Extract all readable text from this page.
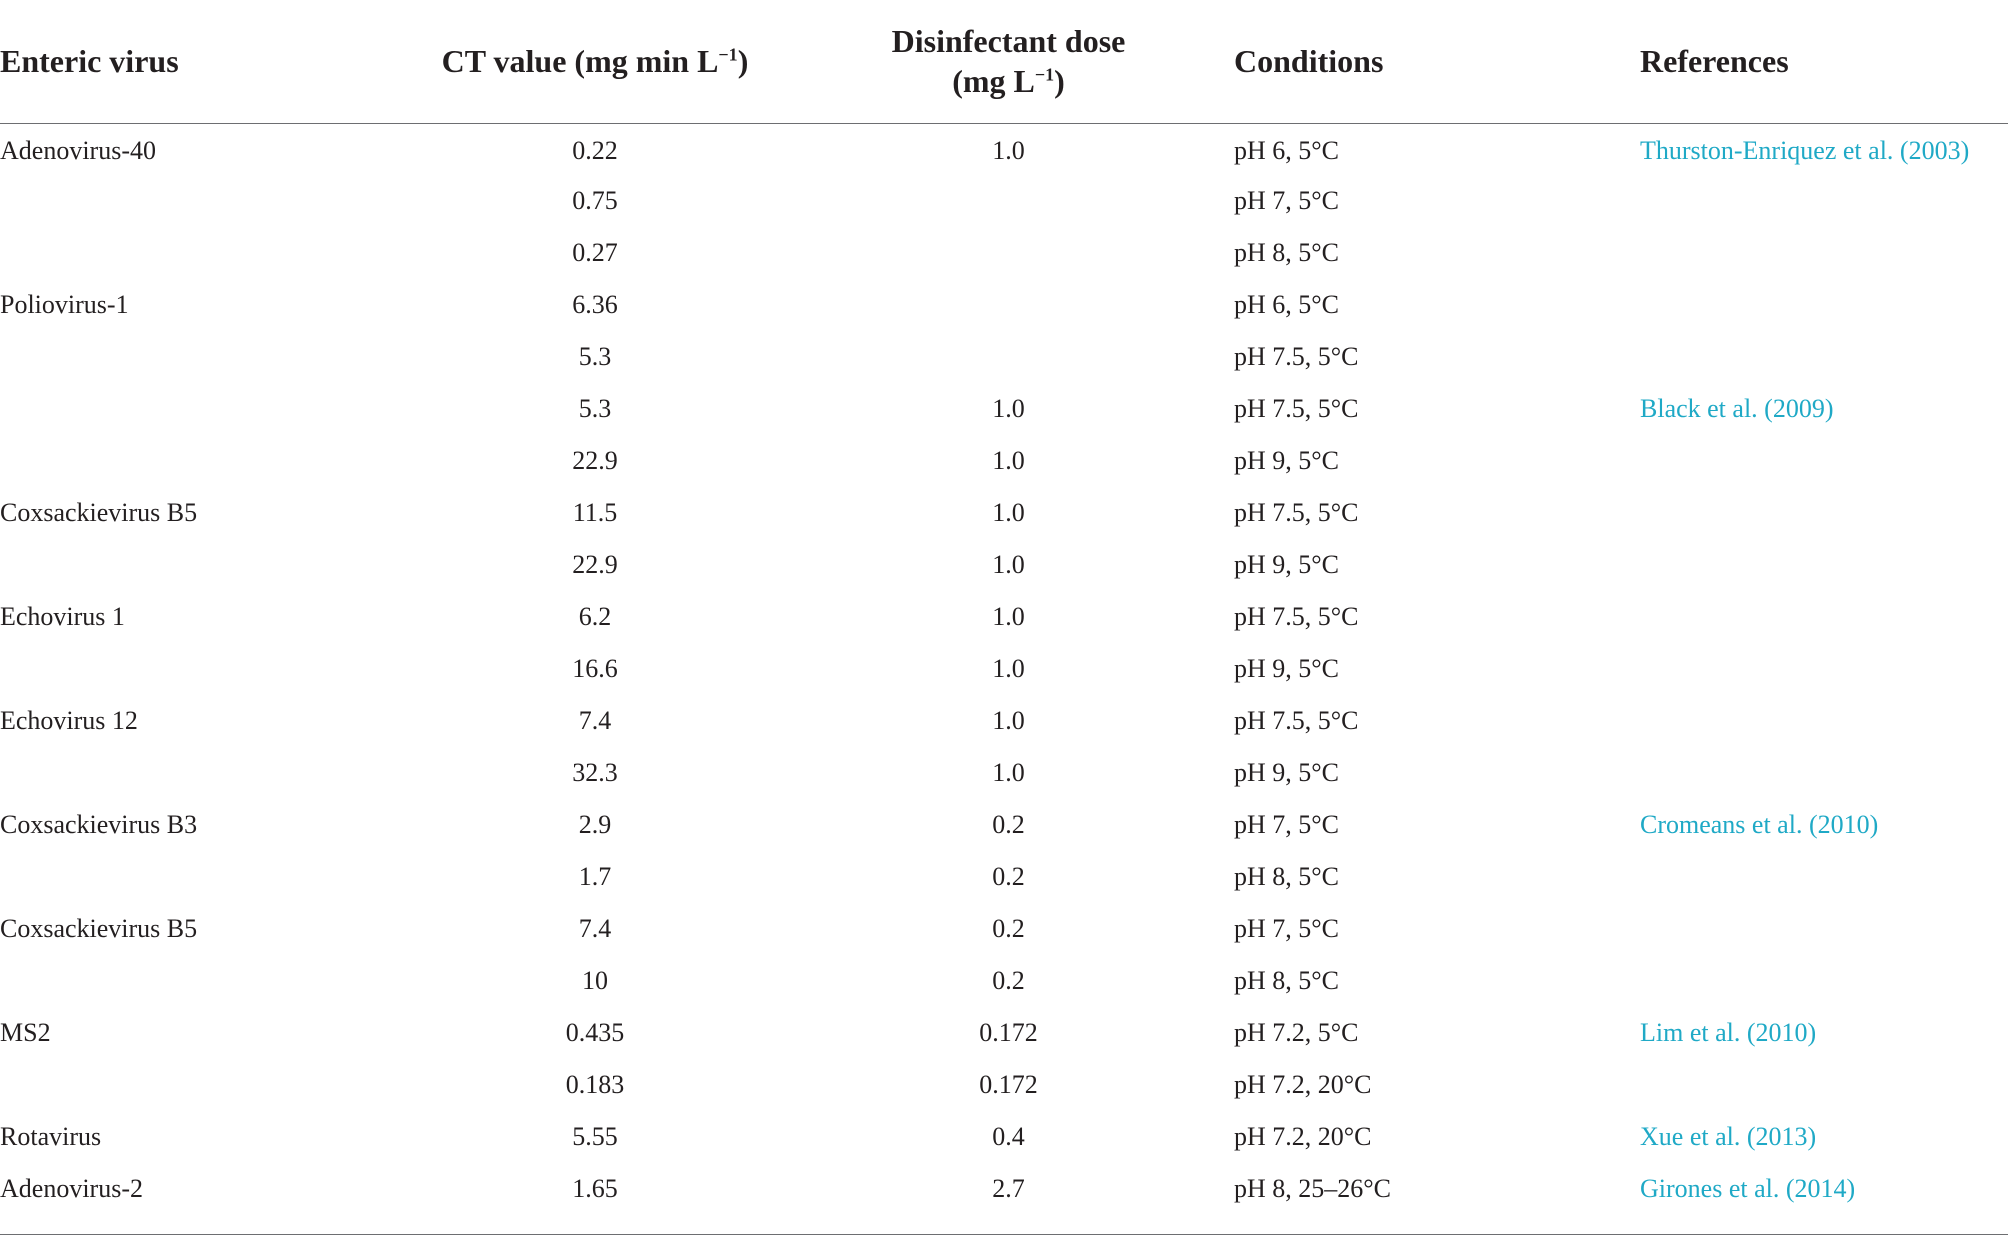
Enteric virus	CT value (mg $\min L^{-1}$)	Disinfectant dose
(mg $L^{-1}$)	Conditions	References
Adenovirus-40	0.22	1.0	pH 6, 5°C	Thurston-Enriquez et al. (2003)
	0.75		pH 7, 5°C	
	0.27		pH 8, 5°C	
Poliovirus-1	6.36		pH 6, 5°C	
	5.3		pH 7.5, 5°C	
	5.3	1.0	pH 7.5, 5°C	Black et al. (2009)
	22.9	1.0	pH 9, 5°C	
Coxsackievirus B5	11.5	1.0	pH 7.5, 5°C	
	22.9	1.0	pH 9, 5°C	
Echovirus 1	6.2	1.0	pH 7.5, 5°C	
	16.6	1.0	pH 9, 5°C	
Echovirus 12	7.4	1.0	pH 7.5, 5°C	
	32.3	1.0	pH 9, 5°C	
Coxsackievirus B3	2.9	0.2	pH 7, 5°C	Cromeans et al. (2010)
	1.7	0.2	pH 8, 5°C	
Coxsackievirus B5	7.4	0.2	pH 7, 5°C	
	10	0.2	pH 8, 5°C	
MS2	0.435	0.172	pH 7.2, 5°C	Lim et al. (2010)
	0.183	0.172	pH 7.2, 20°C	
Rotavirus	5.55	0.4	pH 7.2, 20°C	Xue et al. (2013)
Adenovirus-2	1.65	2.7	pH 8, 25–26°C	Girones et al. (2014)
